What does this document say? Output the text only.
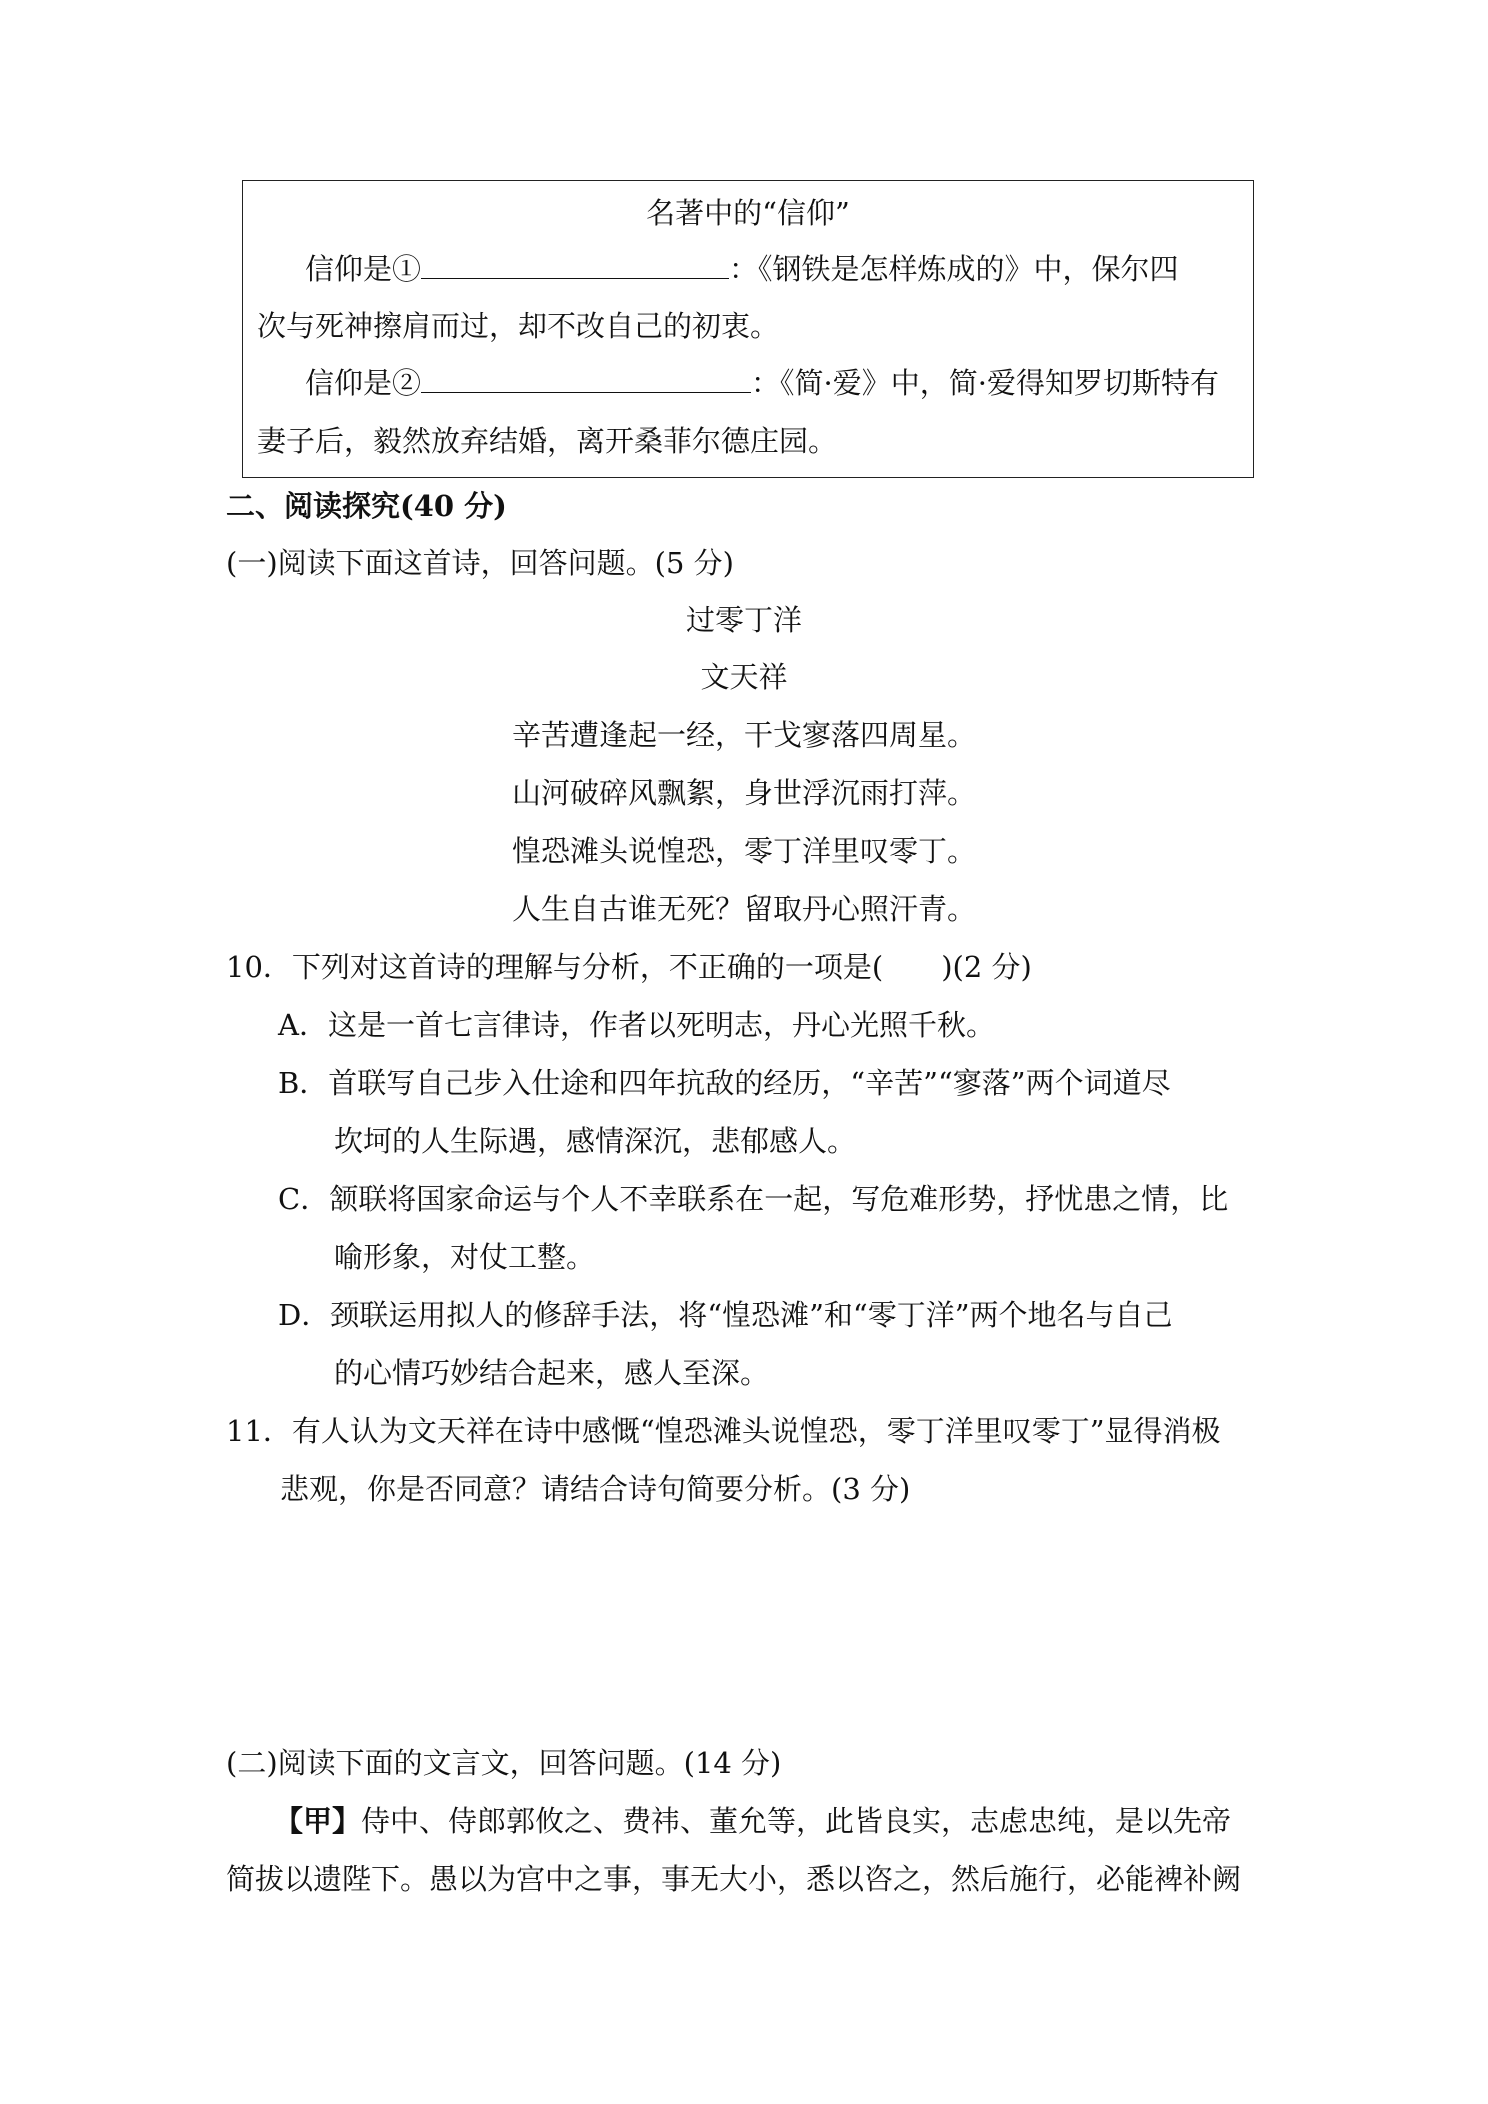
名著中的“信仰”
信仰是①	：《钢铁是怎样炼成的》中，保尔四
次与死神擦肩而过，却不改自己的初衷。
信仰是②	：《简·爱》中，简·爱得知罗切斯特有
妻子后，毅然放弃结婚，离开桑菲尔德庄园。
二、阅读探究(40 分)
(一)阅读下面这首诗，回答问题。(5 分)
过零丁洋
文天祥
辛苦遭逢起一经，干戈寥落四周星。
山河破碎风飘絮，身世浮沉雨打萍。
惶恐滩头说惶恐，零丁洋里叹零丁。
人生自古谁无死？留取丹心照汗青。
10．下列对这首诗的理解与分析，不正确的一项是(　　)(2 分)
A．这是一首七言律诗，作者以死明志，丹心光照千秋。
B．首联写自己步入仕途和四年抗敌的经历，“辛苦”“寥落”两个词道尽
坎坷的人生际遇，感情深沉，悲郁感人。
C．颔联将国家命运与个人不幸联系在一起，写危难形势，抒忧患之情，比
喻形象，对仗工整。
D．颈联运用拟人的修辞手法，将“惶恐滩”和“零丁洋”两个地名与自己
的心情巧妙结合起来，感人至深。
11．有人认为文天祥在诗中感慨“惶恐滩头说惶恐，零丁洋里叹零丁”显得消极
悲观，你是否同意？请结合诗句简要分析。(3 分)
(二)阅读下面的文言文，回答问题。(14 分)
【甲】侍中、侍郎郭攸之、费祎、董允等，此皆良实，志虑忠纯，是以先帝
简拔以遗陛下。愚以为宫中之事，事无大小，悉以咨之，然后施行，必能裨补阙
